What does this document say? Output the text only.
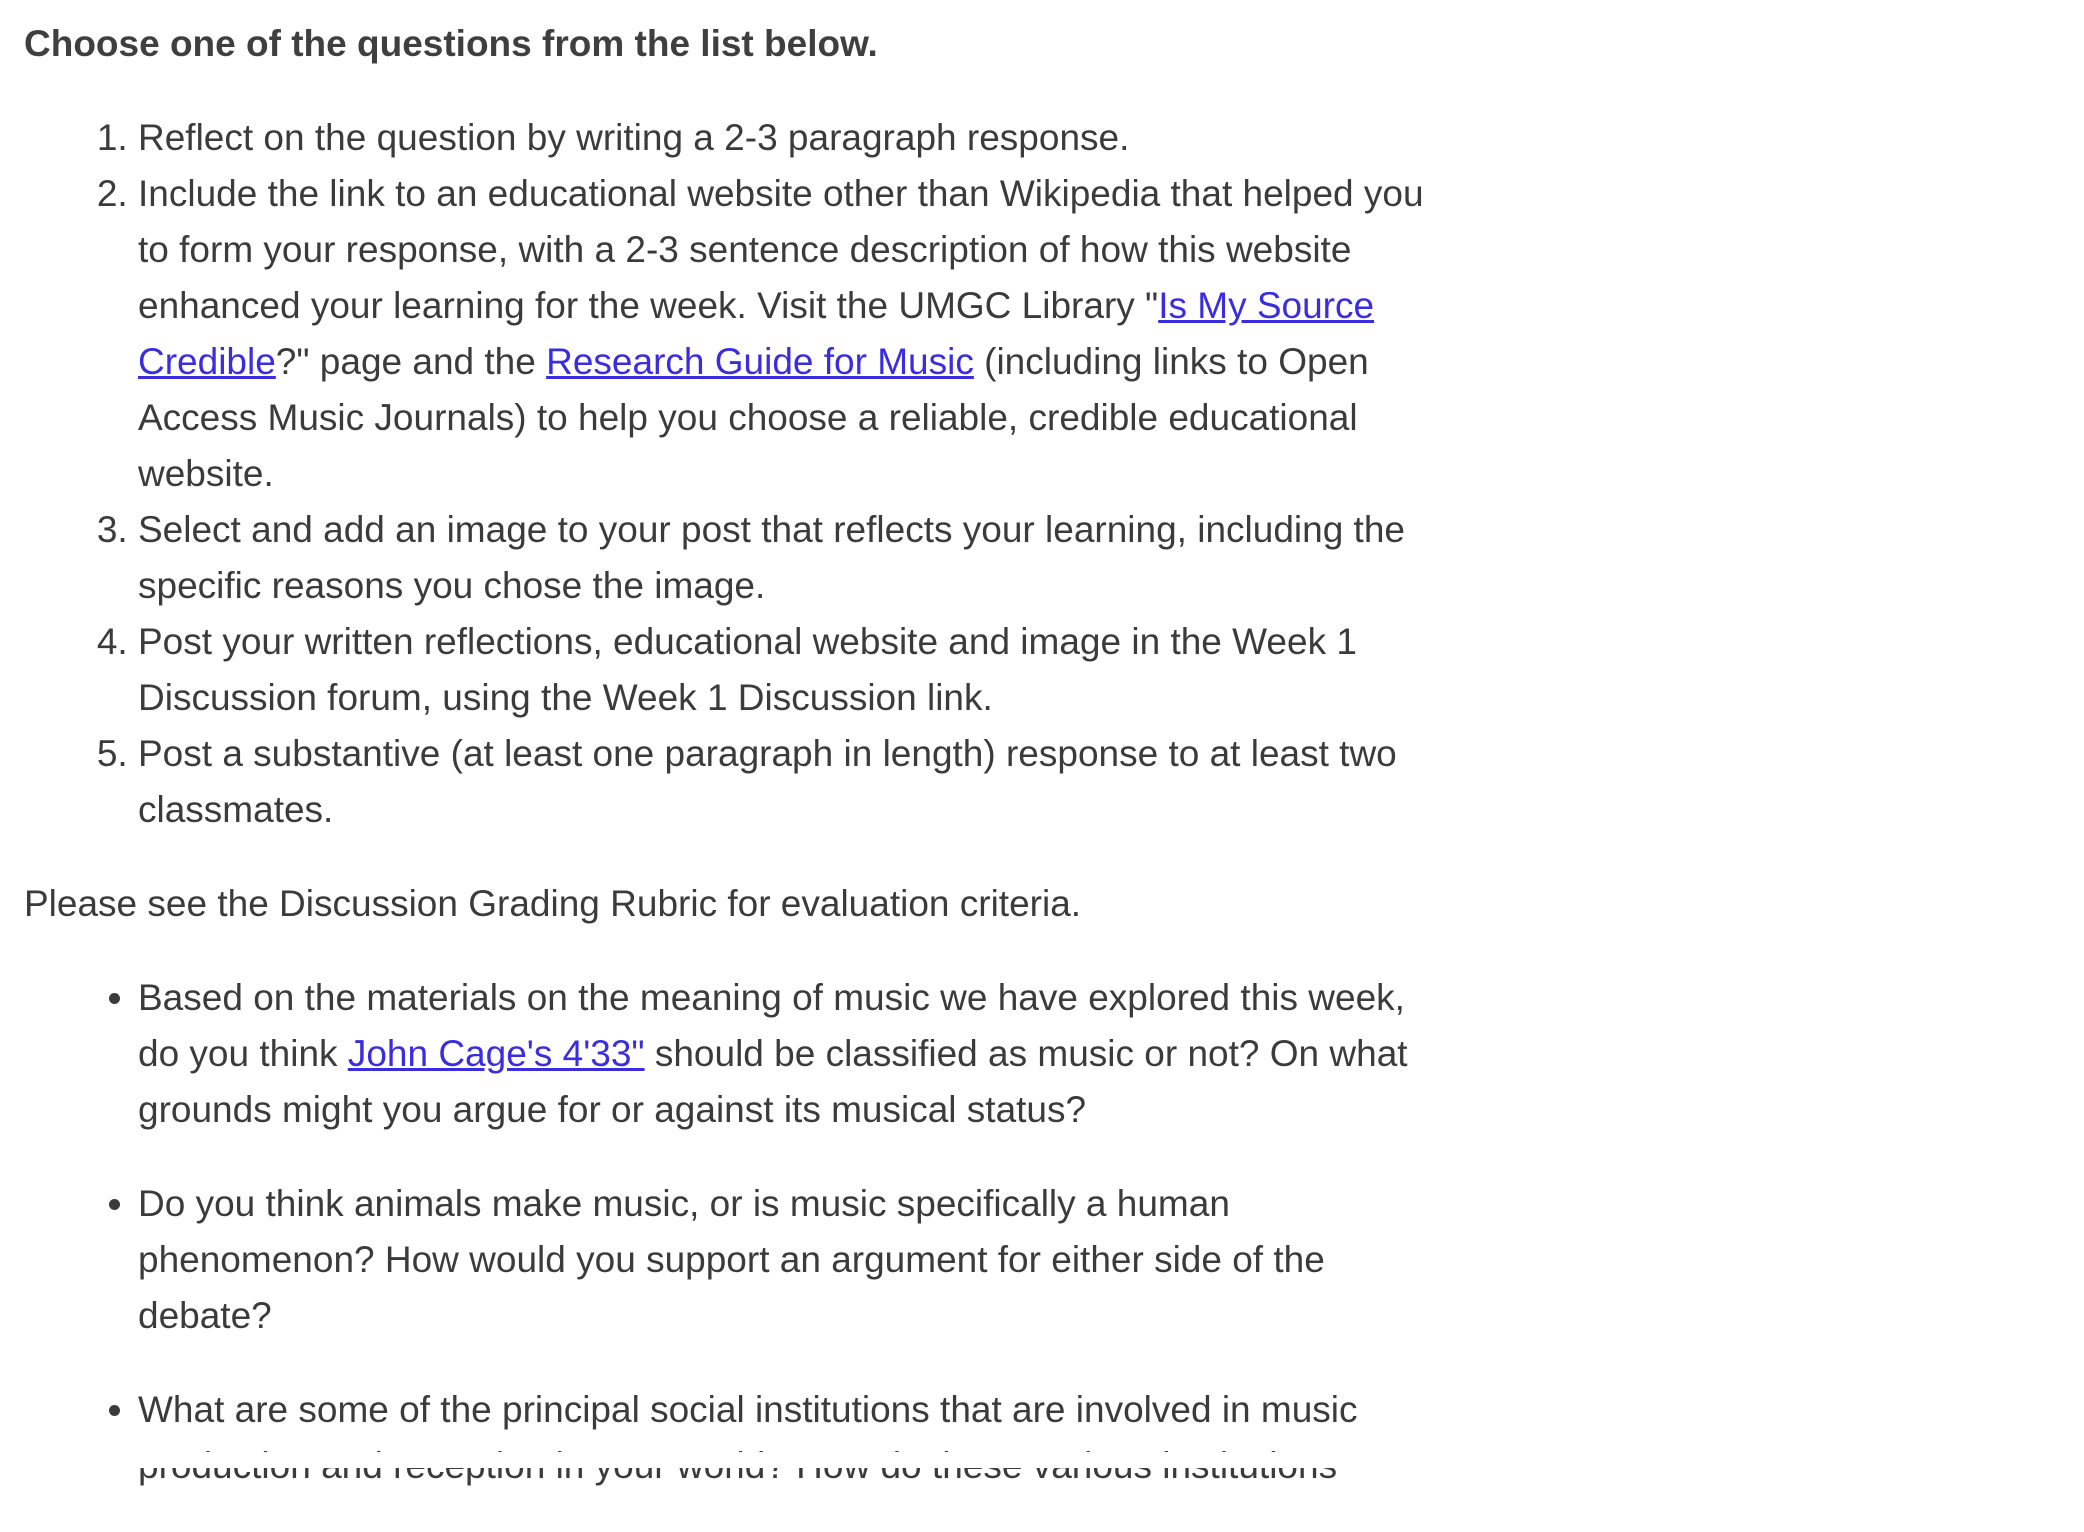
Choose one of the questions from the list below.

1. Reflect on the question by writing a 2-3 paragraph response.
2. Include the link to an educational website other than Wikipedia that helped you to form your response, with a 2-3 sentence description of how this website enhanced your learning for the week. Visit the UMGC Library "Is My Source Credible?" page and the Research Guide for Music (including links to Open Access Music Journals) to help you choose a reliable, credible educational website.
3. Select and add an image to your post that reflects your learning, including the specific reasons you chose the image.
4. Post your written reflections, educational website and image in the Week 1 Discussion forum, using the Week 1 Discussion link.
5. Post a substantive (at least one paragraph in length) response to at least two classmates.

Please see the Discussion Grading Rubric for evaluation criteria.

• Based on the materials on the meaning of music we have explored this week, do you think John Cage's 4'33" should be classified as music or not? On what grounds might you argue for or against its musical status?
• Do you think animals make music, or is music specifically a human phenomenon? How would you support an argument for either side of the debate?
• What are some of the principal social institutions that are involved in music
